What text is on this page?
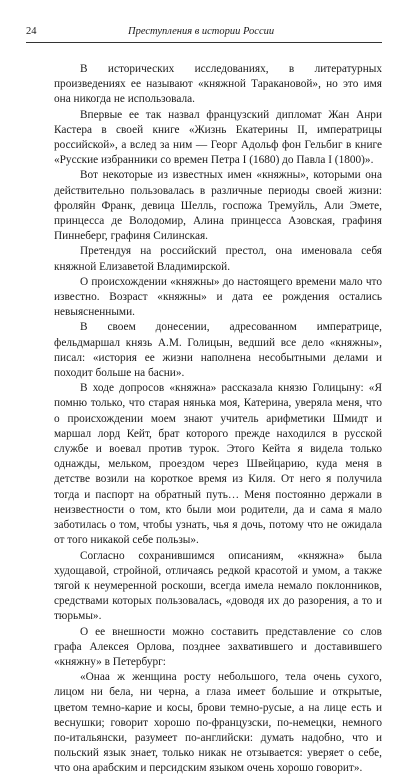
24	Преступления в истории России

В исторических исследованиях, в литературных произведениях ее называют «княжной Таракановой», но это имя она никогда не использовала.

Впервые ее так назвал французский дипломат Жан Анри Кастера в своей книге «Жизнь Екатерины II, императрицы российской», а вслед за ним — Георг Адольф фон Гельбиг в книге «Русские избранники со времен Петра I (1680) до Павла I (1800)».

Вот некоторые из известных имен «княжны», которыми она действительно пользовалась в различные периоды своей жизни: фроляйн Франк, девица Шелль, госпожа Тремуйль, Али Эмете, принцесса де Володомир, Алина принцесса Азовская, графиня Пиннеберг, графиня Силинская.

Претендуя на российский престол, она именовала себя княжной Елизаветой Владимирской.

О происхождении «княжны» до настоящего времени мало что известно. Возраст «княжны» и дата ее рождения остались невыясненными.

В своем донесении, адресованном императрице, фельдмаршал князь А.М. Голицын, ведший все дело «княжны», писал: «история ее жизни наполнена несобытными делами и походит больше на басни».

В ходе допросов «княжна» рассказала князю Голицыну: «Я помню только, что старая нянька моя, Катерина, уверяла меня, что о происхождении моем знают учитель арифметики Шмидт и маршал лорд Кейт, брат которого прежде находился в русской службе и воевал против турок. Этого Кейта я видела только однажды, мельком, проездом через Швейцарию, куда меня в детстве возили на короткое время из Киля. От него я получила тогда и паспорт на обратный путь… Меня постоянно держали в неизвестности о том, кто были мои родители, да и сама я мало заботилась о том, чтобы узнать, чья я дочь, потому что не ожидала от того никакой себе пользы».

Согласно сохранившимся описаниям, «княжна» была худощавой, стройной, отличаясь редкой красотой и умом, а также тягой к неумеренной роскоши, всегда имела немало поклонников, средствами которых пользовалась, «доводя их до разорения, а то и тюрьмы».

О ее внешности можно составить представление со слов графа Алексея Орлова, позднее захватившего и доставившего «княжну» в Петербург:

«Онаа ж женщина росту небольшого, тела очень сухого, лицом ни бела, ни черна, а глаза имеет большие и открытые, цветом темно-карие и косы, брови темно-русые, а на лице есть и веснушки; говорит хорошо по-французски, по-немецки, немного по-итальянски, разумеет по-английски: думать надобно, что и польский язык знает, только никак не отзывается: уверяет о себе, что она арабским и персидским языком очень хорошо говорит».
